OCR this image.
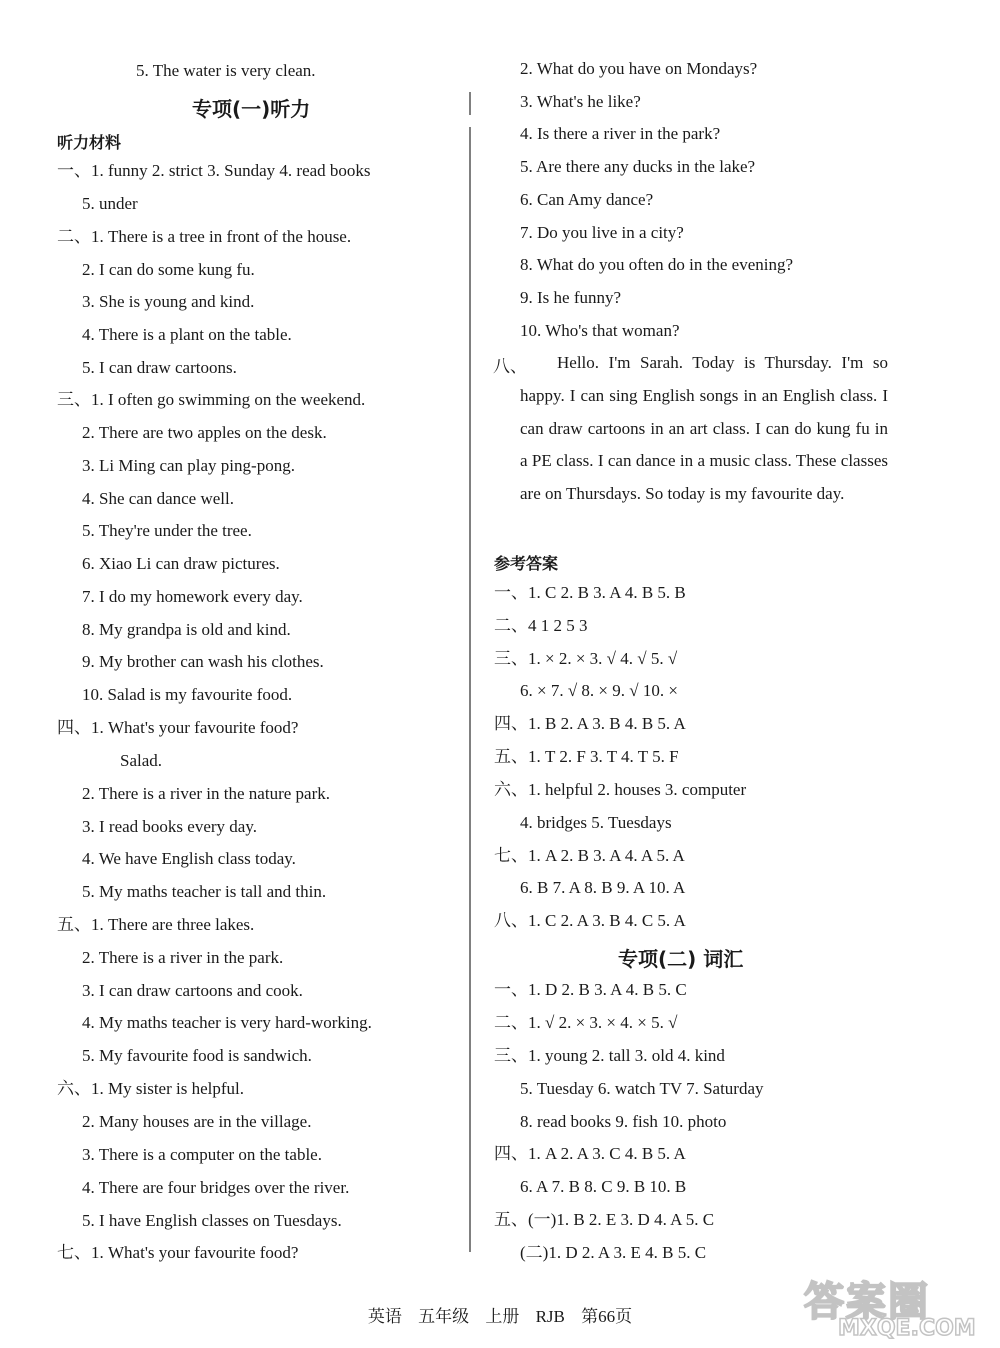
5. The water is very clean.
专项(一)听力
听力材料
一、1. funny 2. strict 3. Sunday 4. read books
5. under
二、1. There is a tree in front of the house.
2. I can do some kung fu.
3. She is young and kind.
4. There is a plant on the table.
5. I can draw cartoons.
三、1. I often go swimming on the weekend.
2. There are two apples on the desk.
3. Li Ming can play ping-pong.
4. She can dance well.
5. They're under the tree.
6. Xiao Li can draw pictures.
7. I do my homework every day.
8. My grandpa is old and kind.
9. My brother can wash his clothes.
10. Salad is my favourite food.
四、1. What's your favourite food?
Salad.
2. There is a river in the nature park.
3. I read books every day.
4. We have English class today.
5. My maths teacher is tall and thin.
五、1. There are three lakes.
2. There is a river in the park.
3. I can draw cartoons and cook.
4. My maths teacher is very hard-working.
5. My favourite food is sandwich.
六、1. My sister is helpful.
2. Many houses are in the village.
3. There is a computer on the table.
4. There are four bridges over the river.
5. I have English classes on Tuesdays.
七、1. What's your favourite food?
2. What do you have on Mondays?
3. What's he like?
4. Is there a river in the park?
5. Are there any ducks in the lake?
6. Can Amy dance?
7. Do you live in a city?
8. What do you often do in the evening?
9. Is he funny?
10. Who's that woman?
八、	Hello. I'm Sarah. Today is Thursday. I'm so happy. I can sing English songs in an English class. I can draw cartoons in an art class. I can do kung fu in a PE class. I can dance in a music class. These classes are on Thursdays. So today is my favourite day.
参考答案
一、1. C 2. B 3. A 4. B 5. B
二、4 1 2 5 3
三、1. × 2. × 3. √ 4. √ 5. √
6. × 7. √ 8. × 9. √ 10. ×
四、1. B 2. A 3. B 4. B 5. A
五、1. T 2. F 3. T 4. T 5. F
六、1. helpful 2. houses 3. computer
4. bridges 5. Tuesdays
七、1. A 2. B 3. A 4. A 5. A
6. B 7. A 8. B 9. A 10. A
八、1. C 2. A 3. B 4. C 5. A
专项(二) 词汇
一、1. D 2. B 3. A 4. B 5. C
二、1. √ 2. × 3. × 4. × 5. √
三、1. young 2. tall 3. old 4. kind
5. Tuesday 6. watch TV 7. Saturday
8. read books 9. fish 10. photo
四、1. A 2. A 3. C 4. B 5. A
6. A 7. B 8. C 9. B 10. B
五、(一)1. B 2. E 3. D 4. A 5. C
(二)1. D 2. A 3. E 4. B 5. C
英语 五年级 上册 RJB 第66页	答案圈
MXQE.COM
